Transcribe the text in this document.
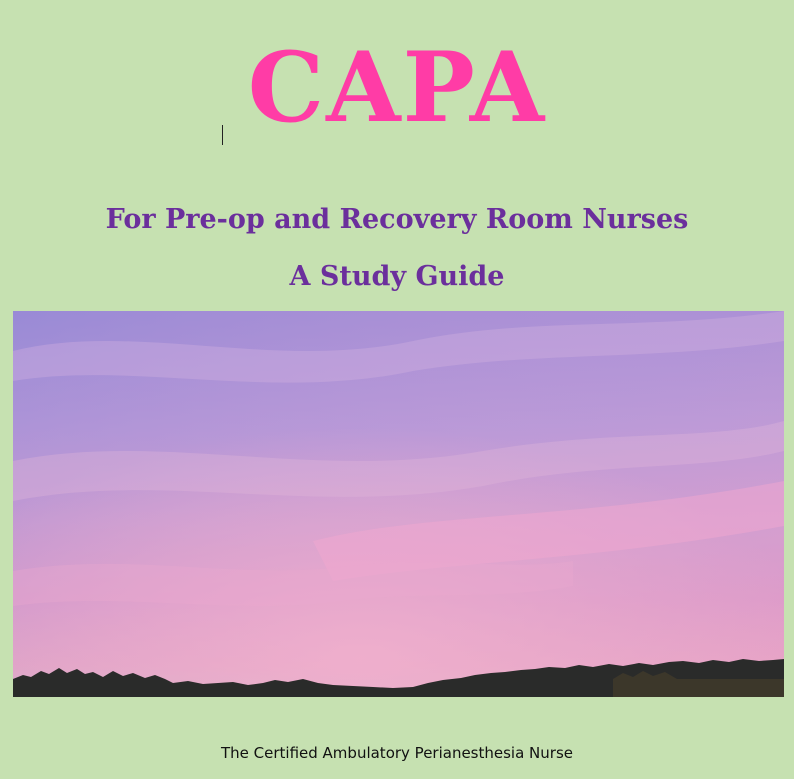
CAPA
For Pre-op and Recovery Room Nurses
A Study Guide

The Certified Ambulatory Perianesthesia Nurse
